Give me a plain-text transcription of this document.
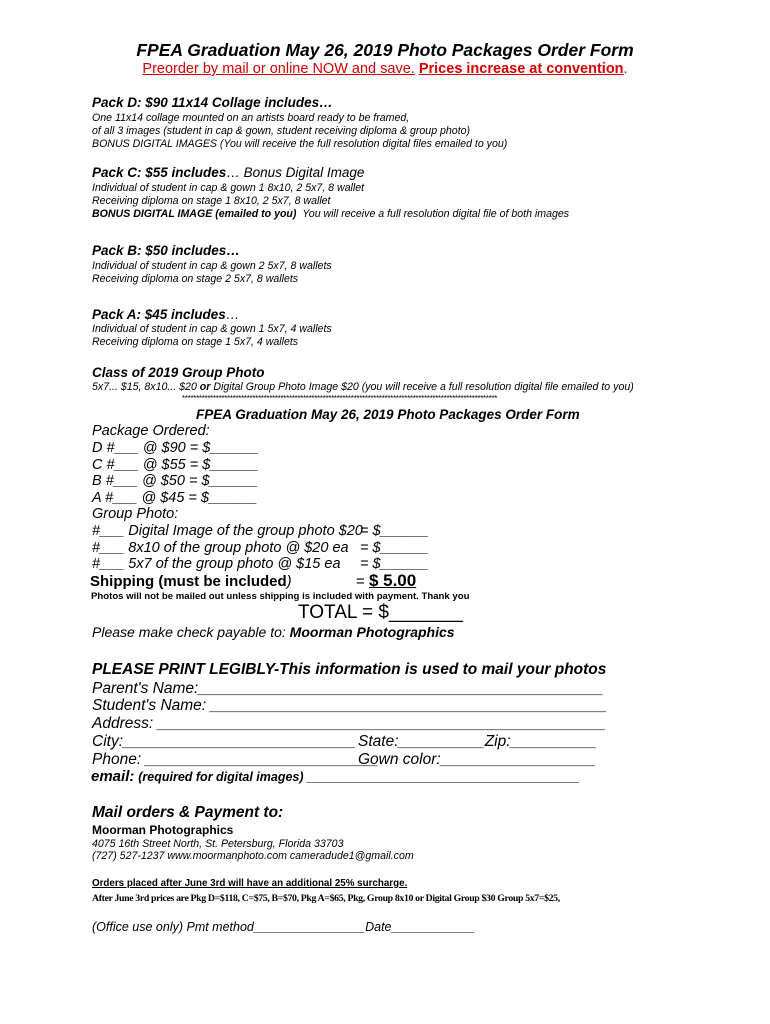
FPEA Graduation May 26, 2019 Photo Packages Order Form
Preorder by mail or online NOW and save. Prices increase at convention.
Pack D: $90 11x14 Collage includes…
One 11x14 collage mounted on an artists board ready to be framed,
of all 3 images (student in cap & gown, student receiving diploma & group photo)
BONUS DIGITAL IMAGES (You will receive the full resolution digital files emailed to you)
Pack C: $55 includes… Bonus Digital Image
Individual of student in cap & gown 1 8x10, 2 5x7, 8 wallet
Receiving diploma on stage 1 8x10, 2 5x7, 8 wallet
BONUS DIGITAL IMAGE (emailed to you) You will receive a full resolution digital file of both images
Pack B: $50 includes…
Individual of student in cap & gown 2 5x7, 8 wallets
Receiving diploma on stage 2 5x7, 8 wallets
Pack A: $45 includes…
Individual of student in cap & gown 1 5x7, 4 wallets
Receiving diploma on stage 1 5x7, 4 wallets
Class of 2019 Group Photo
5x7... $15, 8x10... $20 or Digital Group Photo Image $20 (you will receive a full resolution digital file emailed to you)
****************************************************************************************************************
FPEA Graduation May 26, 2019 Photo Packages Order Form
Package Ordered:
D #___ @ $90 = $______
C #___ @ $55 = $______
B #___ @ $50 = $______
A #___ @ $45 = $______
Group Photo:
#___ Digital Image of the group photo $20
= $______
#___ 8x10 of the group photo @ $20 ea = $______
#___ 5x7 of the group photo @ $15 ea = $______
Shipping (must be included)	= $ 5.00
Photos will not be mailed out unless shipping is included with payment. Thank you
TOTAL = $_______
Please make check payable to: Moorman Photographics
PLEASE PRINT LEGIBLY-This information is used to mail your photos
Parent's Name:_______________________________________________
Student's Name: ______________________________________________
Address: ____________________________________________________
City:___________________________ State:__________Zip:__________
Phone: ___________________________
Gown color:__________________
email: (required for digital images) ___________________________________
Mail orders & Payment to:
Moorman Photographics
4075 16th Street North, St. Petersburg, Florida 33703
(727) 527-1237 www.moormanphoto.com cameradude1@gmail.com
Orders placed after June 3rd will have an additional 25% surcharge.
After June 3rd prices are Pkg D=$118, C=$75, B=$70, Pkg A=$65, Pkg, Group 8x10 or Digital Group $30 Group 5x7=$25,
(Office use only) Pmt method________________Date____________
